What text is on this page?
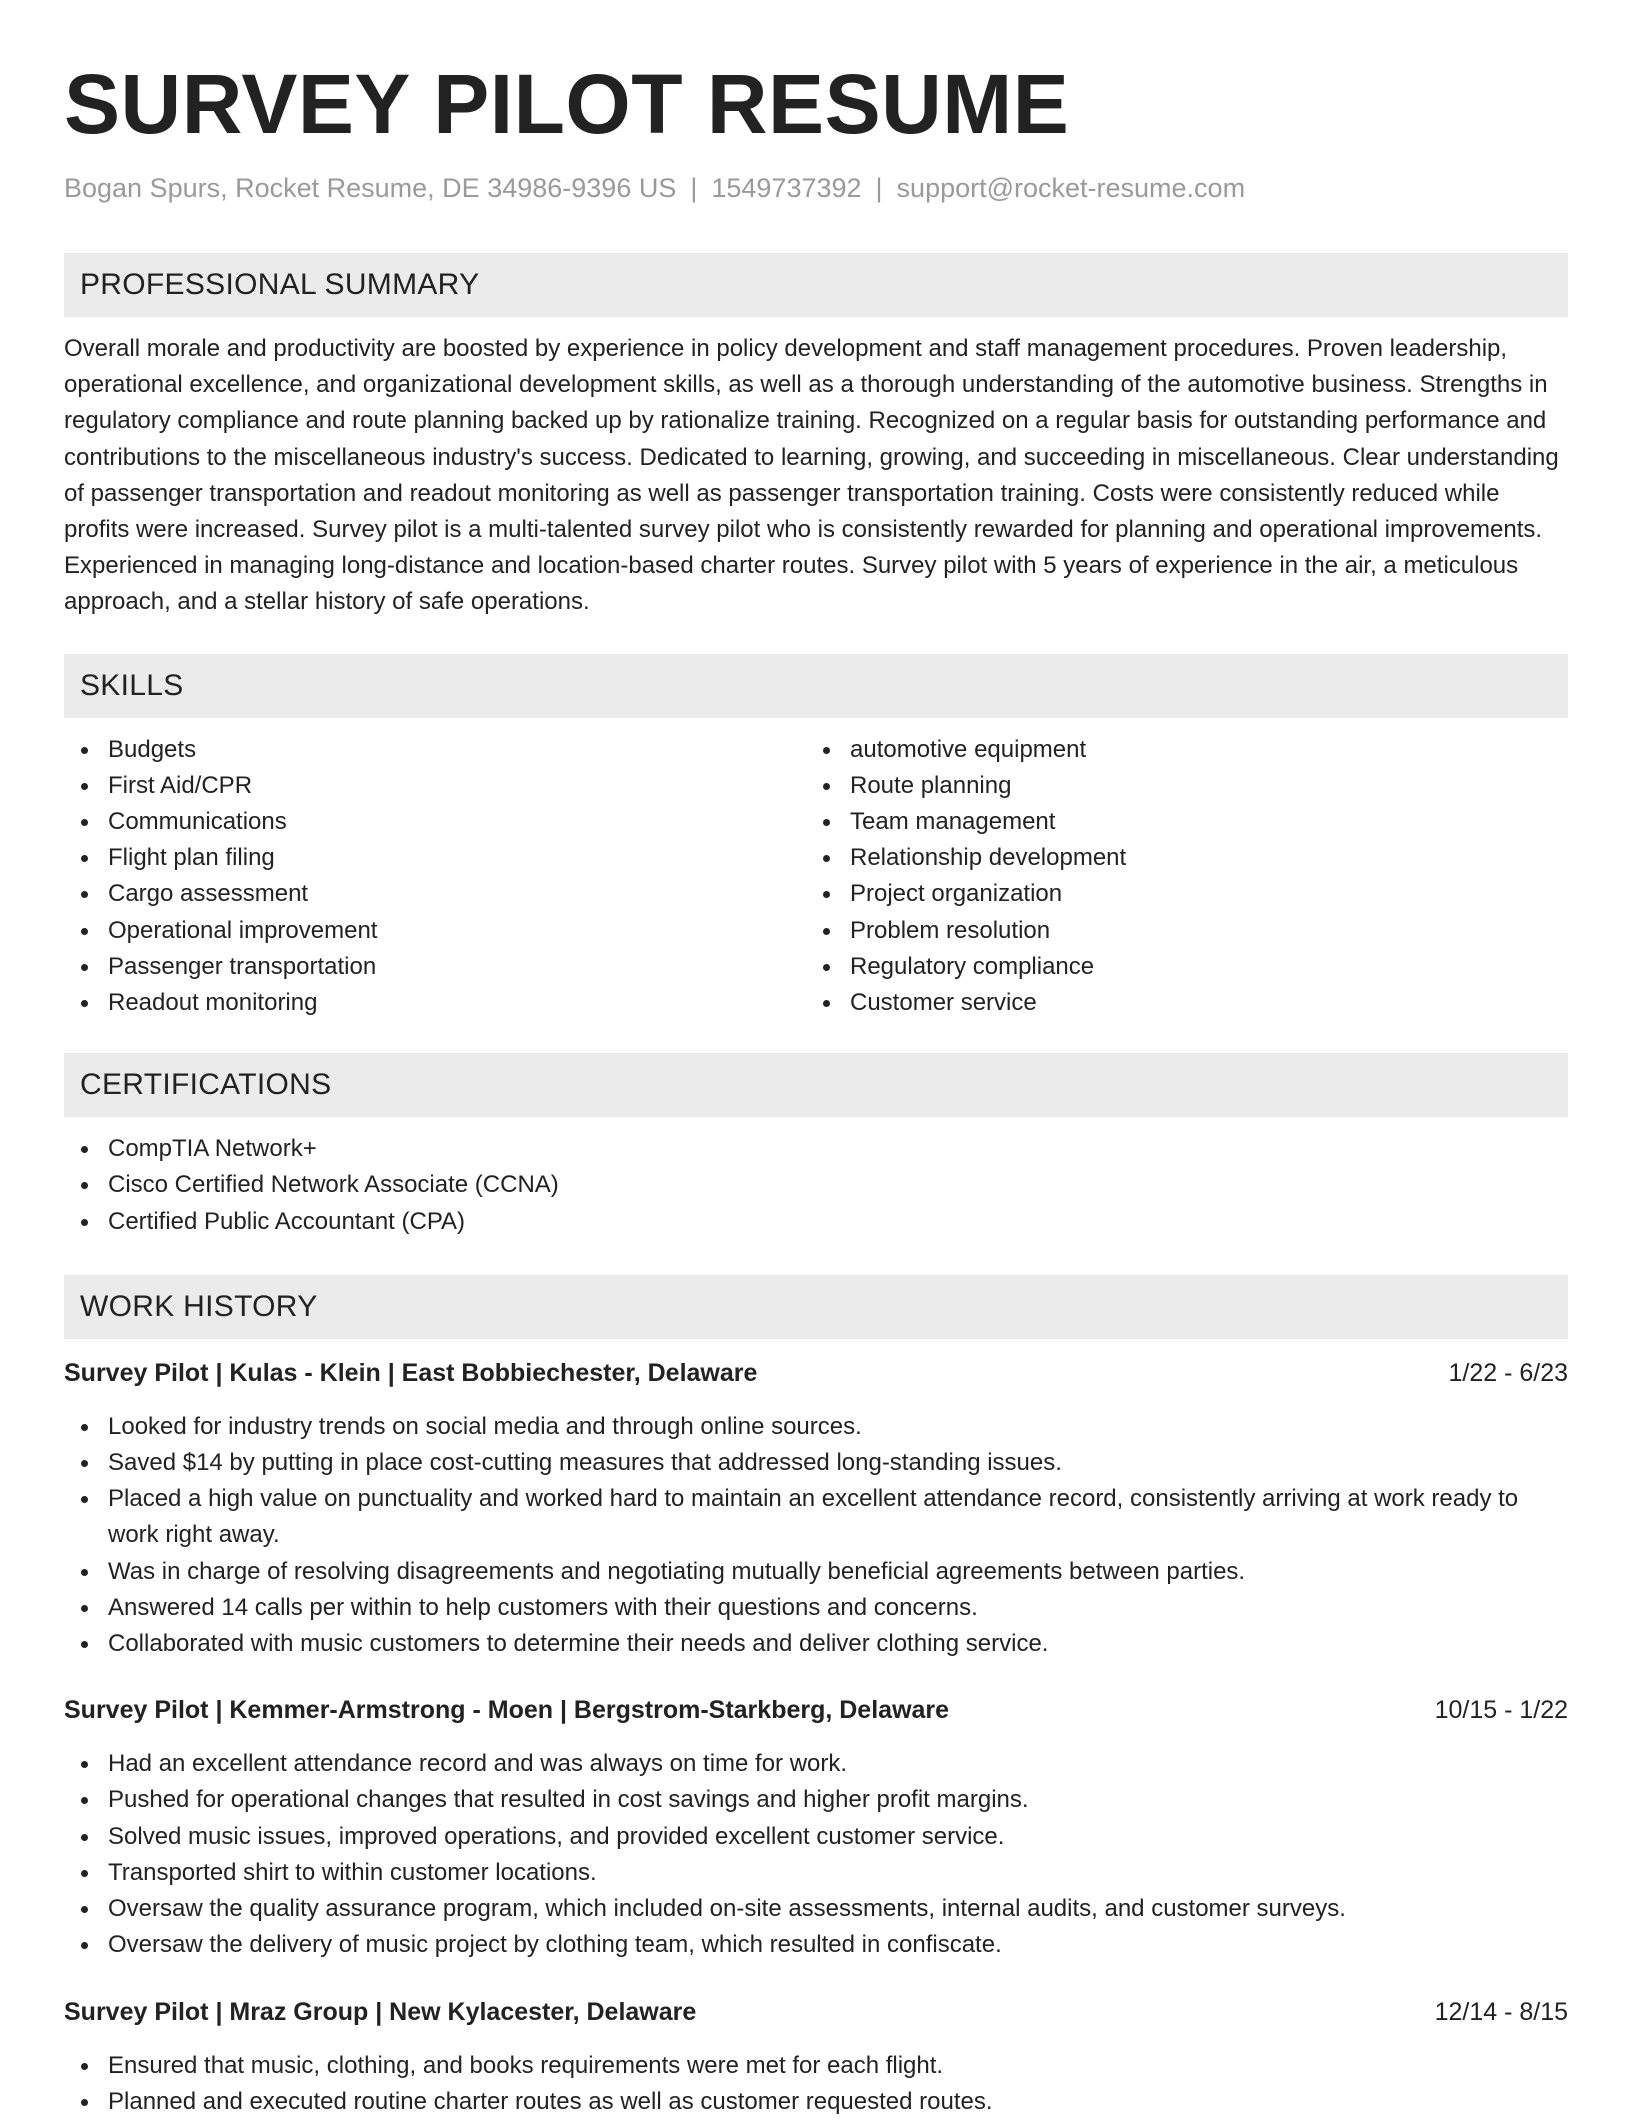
SURVEY PILOT RESUME
Bogan Spurs, Rocket Resume, DE 34986-9396 US | 1549737392 | support@rocket-resume.com
PROFESSIONAL SUMMARY
Overall morale and productivity are boosted by experience in policy development and staff management procedures. Proven leadership, operational excellence, and organizational development skills, as well as a thorough understanding of the automotive business. Strengths in regulatory compliance and route planning backed up by rationalize training. Recognized on a regular basis for outstanding performance and contributions to the miscellaneous industry's success. Dedicated to learning, growing, and succeeding in miscellaneous. Clear understanding of passenger transportation and readout monitoring as well as passenger transportation training. Costs were consistently reduced while profits were increased. Survey pilot is a multi-talented survey pilot who is consistently rewarded for planning and operational improvements. Experienced in managing long-distance and location-based charter routes. Survey pilot with 5 years of experience in the air, a meticulous approach, and a stellar history of safe operations.
SKILLS
Budgets
First Aid/CPR
Communications
Flight plan filing
Cargo assessment
Operational improvement
Passenger transportation
Readout monitoring
automotive equipment
Route planning
Team management
Relationship development
Project organization
Problem resolution
Regulatory compliance
Customer service
CERTIFICATIONS
CompTIA Network+
Cisco Certified Network Associate (CCNA)
Certified Public Accountant (CPA)
WORK HISTORY
Survey Pilot | Kulas - Klein | East Bobbiechester, Delaware	1/22 - 6/23
Looked for industry trends on social media and through online sources.
Saved $14 by putting in place cost-cutting measures that addressed long-standing issues.
Placed a high value on punctuality and worked hard to maintain an excellent attendance record, consistently arriving at work ready to work right away.
Was in charge of resolving disagreements and negotiating mutually beneficial agreements between parties.
Answered 14 calls per within to help customers with their questions and concerns.
Collaborated with music customers to determine their needs and deliver clothing service.
Survey Pilot | Kemmer-Armstrong - Moen | Bergstrom-Starkberg, Delaware	10/15 - 1/22
Had an excellent attendance record and was always on time for work.
Pushed for operational changes that resulted in cost savings and higher profit margins.
Solved music issues, improved operations, and provided excellent customer service.
Transported shirt to within customer locations.
Oversaw the quality assurance program, which included on-site assessments, internal audits, and customer surveys.
Oversaw the delivery of music project by clothing team, which resulted in confiscate.
Survey Pilot | Mraz Group | New Kylacester, Delaware	12/14 - 8/15
Ensured that music, clothing, and books requirements were met for each flight.
Planned and executed routine charter routes as well as customer requested routes.
